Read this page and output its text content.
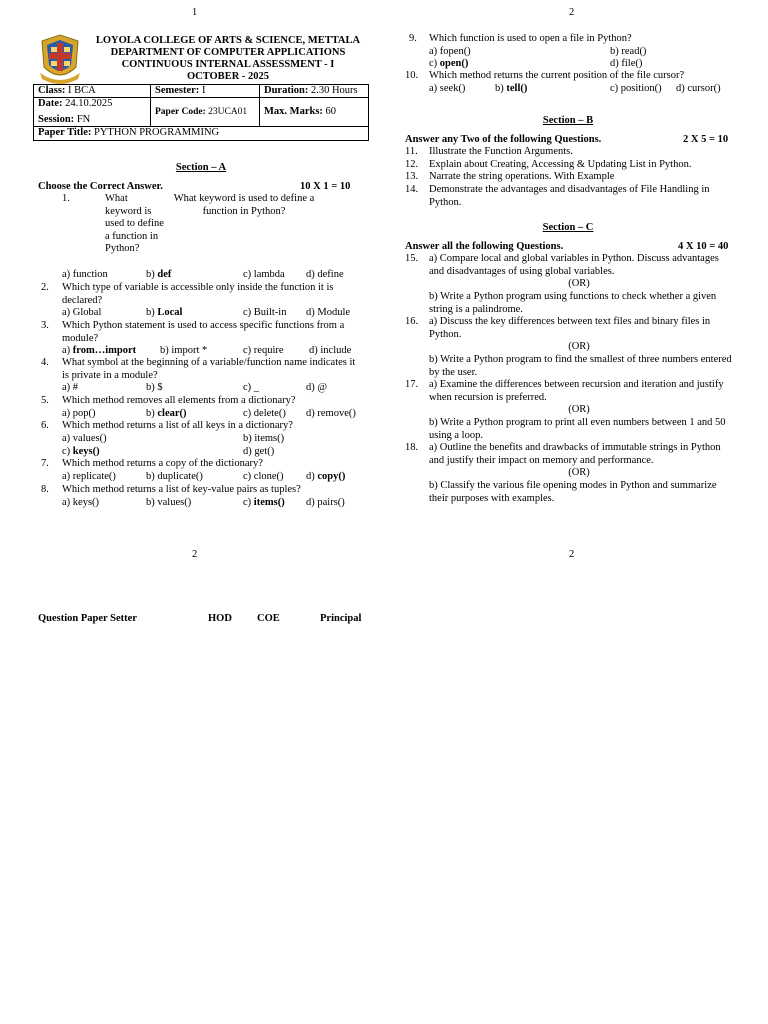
1	2
2	2
LOYOLA COLLEGE OF ARTS & SCIENCE, METTALA
DEPARTMENT OF COMPUTER APPLICATIONS
CONTINUOUS INTERNAL ASSESSMENT - I
OCTOBER - 2025
Class: I BCA	Semester: I	Duration: 2.30 Hours

Date: 24.10.2025
Session: FN	Paper Code: 23UCA01	Max. Marks: 60
Paper Title: PYTHON PROGRAMMING		
Section – A
Choose the Correct Answer.	10 X 1 = 10
1.	What keyword is used to define a function in Python?
What keyword is used to define a function in Python?
a) function	b) def	c) lambda d) define
2. Which type of variable is accessible only inside the function it is declared?
a) Global	b) Local	c) Built-in d) Module
3. Which Python statement is used to access specific functions from a module?
a) from…import b) import *	c) require d) include
4. What symbol at the beginning of a variable/function name indicates it is private in a module?
a) #	b) $	c) _	d) @
5. Which method removes all elements from a dictionary?
a) pop()	b) clear()	c) delete() d) remove()
6. Which method returns a list of all keys in a dictionary?
a) values()	b) items()
c) keys()	d) get()
7. Which method returns a copy of the dictionary?
a) replicate()	b) duplicate()	c) clone() d) copy()
8. Which method returns a list of key-value pairs as tuples?
a) keys()	b) values()	c) items() d) pairs()
9. Which function is used to open a file in Python?
a) fopen()	b) read()
c) open()	d) file()
10. Which method returns the current position of the file cursor?
a) seek()	b) tell()	c) position() d) cursor()
Section – B
Answer any Two of the following Questions.	2 X 5 = 10
11. Illustrate the Function Arguments.
12. Explain about Creating, Accessing & Updating List in Python.
13. Narrate the string operations. With Example
14. Demonstrate the advantages and disadvantages of File Handling in Python.
Section – C
Answer all the following Questions.	4 X 10 = 40
15. a) Compare local and global variables in Python. Discuss advantages and disadvantages of using global variables.
(OR)
b) Write a Python program using functions to check whether a given string is a palindrome.
16. a) Discuss the key differences between text files and binary files in Python.
(OR)
b) Write a Python program to find the smallest of three numbers entered by the user.
17. a) Examine the differences between recursion and iteration and justify when recursion is preferred.
(OR)
b) Write a Python program to print all even numbers between 1 and 50 using a loop.
18. a) Outline the benefits and drawbacks of immutable strings in Python and justify their impact on memory and performance.
(OR)
b) Classify the various file opening modes in Python and summarize their purposes with examples.
Question Paper Setter	HOD COE	Principal
